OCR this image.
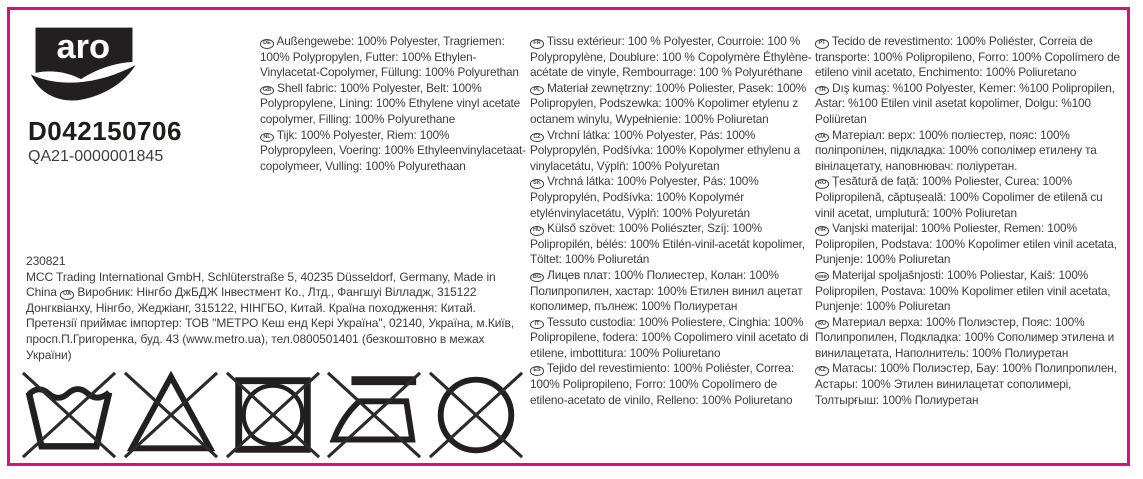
aro
D042150706
QA21-0000001845
230821
MCC Trading International GmbH, Schlüterstraße 5, 40235 Düsseldorf, Germany, Made in China UA Виробник: Нінгбо ДжБДЖ Інвестмент Ко., Лтд., Фангшуі Вілладж, 315122 Донгквіанху, Нінгбо, Жеджіанг, 315122, НІНГБО, Китай. Країна походження: Китай. Претензії приймає імпортер: ТОВ "МЕТРО Кеш енд Кері Україна", 02140, Україна, м.Київ, просп.П.Григоренка, буд. 43 (www.metro.ua), тел.0800501401 (безкоштовно в межах України)
DE Außengewebe: 100% Polyester, Tragriemen: 100% Polypropylen, Futter: 100% Ethylen-Vinylacetat-Copolymer, Füllung: 100% Polyurethan
GB Shell fabric: 100% Polyester, Belt: 100% Polypropylene, Lining: 100% Ethylene vinyl acetate copolymer, Filling: 100% Polyurethane
NL Tijk: 100% Polyester, Riem: 100% Polypropyleen, Voering: 100% Ethyleenvinylacetaat-copolymeer, Vulling: 100% Polyurethaan
FR Tissu extérieur: 100 % Polyester, Courroie: 100 % Polypropylène, Doublure: 100 % Copolymère Éthylène-acétate de vinyle, Rembourrage: 100 % Polyuréthane
PL Materiał zewnętrzny: 100% Poliester, Pasek: 100% Polipropylen, Podszewka: 100% Kopolimer etylenu z octanem winylu, Wypełnienie: 100% Poliuretan
CZ Vrchní látka: 100% Polyester, Pás: 100% Polypropylén, Podšívka: 100% Kopolymer ethylenu a vinylacetátu, Výplň: 100% Polyuretan
SK Vrchná látka: 100% Polyester, Pás: 100% Polypropylén, Podšívka: 100% Kopolymér etylénvinylacetátu, Výplň: 100% Polyuretán
HU Külső szövet: 100% Poliészter, Szíj: 100% Polipropilén, bélés: 100% Etilén-vinil-acetát kopolimer, Töltet: 100% Poliuretán
BG Лицев плат: 100% Полиестер, Колан: 100% Полипропилен, хастар: 100% Етилен винил ацетат кополимер, пълнеж: 100% Полиуретан
IT Tessuto custodia: 100% Poliestere, Cinghia: 100% Polipropilene, fodera: 100% Copolimero vinil acetato di etilene, imbottitura: 100% Poliuretano
ES Tejido del revestimiento: 100% Poliéster, Correa: 100% Polipropileno, Forro: 100% Copolímero de etileno-acetato de vinilo, Relleno: 100% Poliuretano
PT Tecido de revestimento: 100% Poliéster, Correia de transporte: 100% Polipropileno, Forro: 100% Copolímero de etileno vinil acetato, Enchimento: 100% Poliuretano
TR Dış kumaş: %100 Polyester, Kemer: %100 Polipropilen, Astar: %100 Etilen vinil asetat kopolimer, Dolgu: %100 Poliüretan
UA Матеріал: верх: 100% поліестер, пояс: 100% поліпропілен, підкладка: 100% сополімер етилену та вінілацетату, наповнювач: поліуретан.
RO Țesătură de față: 100% Poliester, Curea: 100% Polipropilenă, căptușeală: 100% Copolimer de etilenă cu vinil acetat, umplutură: 100% Poliuretan
HR Vanjski materijal: 100% Poliester, Remen: 100% Polipropilen, Podstava: 100% Kopolimer etilen vinil acetata, Punjenje: 100% Poliuretan
SRB Materijal spoljašnjosti: 100% Poliestar, Kaiš: 100% Polipropilen, Postava: 100% Kopolimer etilen vinil acetata, Punjenje: 100% Poliuretan
RU Материал верха: 100% Полиэстер, Пояс: 100% Полипропилен, Подкладка: 100% Сополимер этилена и винилацетата, Наполнитель: 100% Полиуретан
KZ Матасы: 100% Полиэстер, Бау: 100% Полипропилен, Астары: 100% Этилен винилацетат сополимері, Толтырғыш: 100% Полиуретан
